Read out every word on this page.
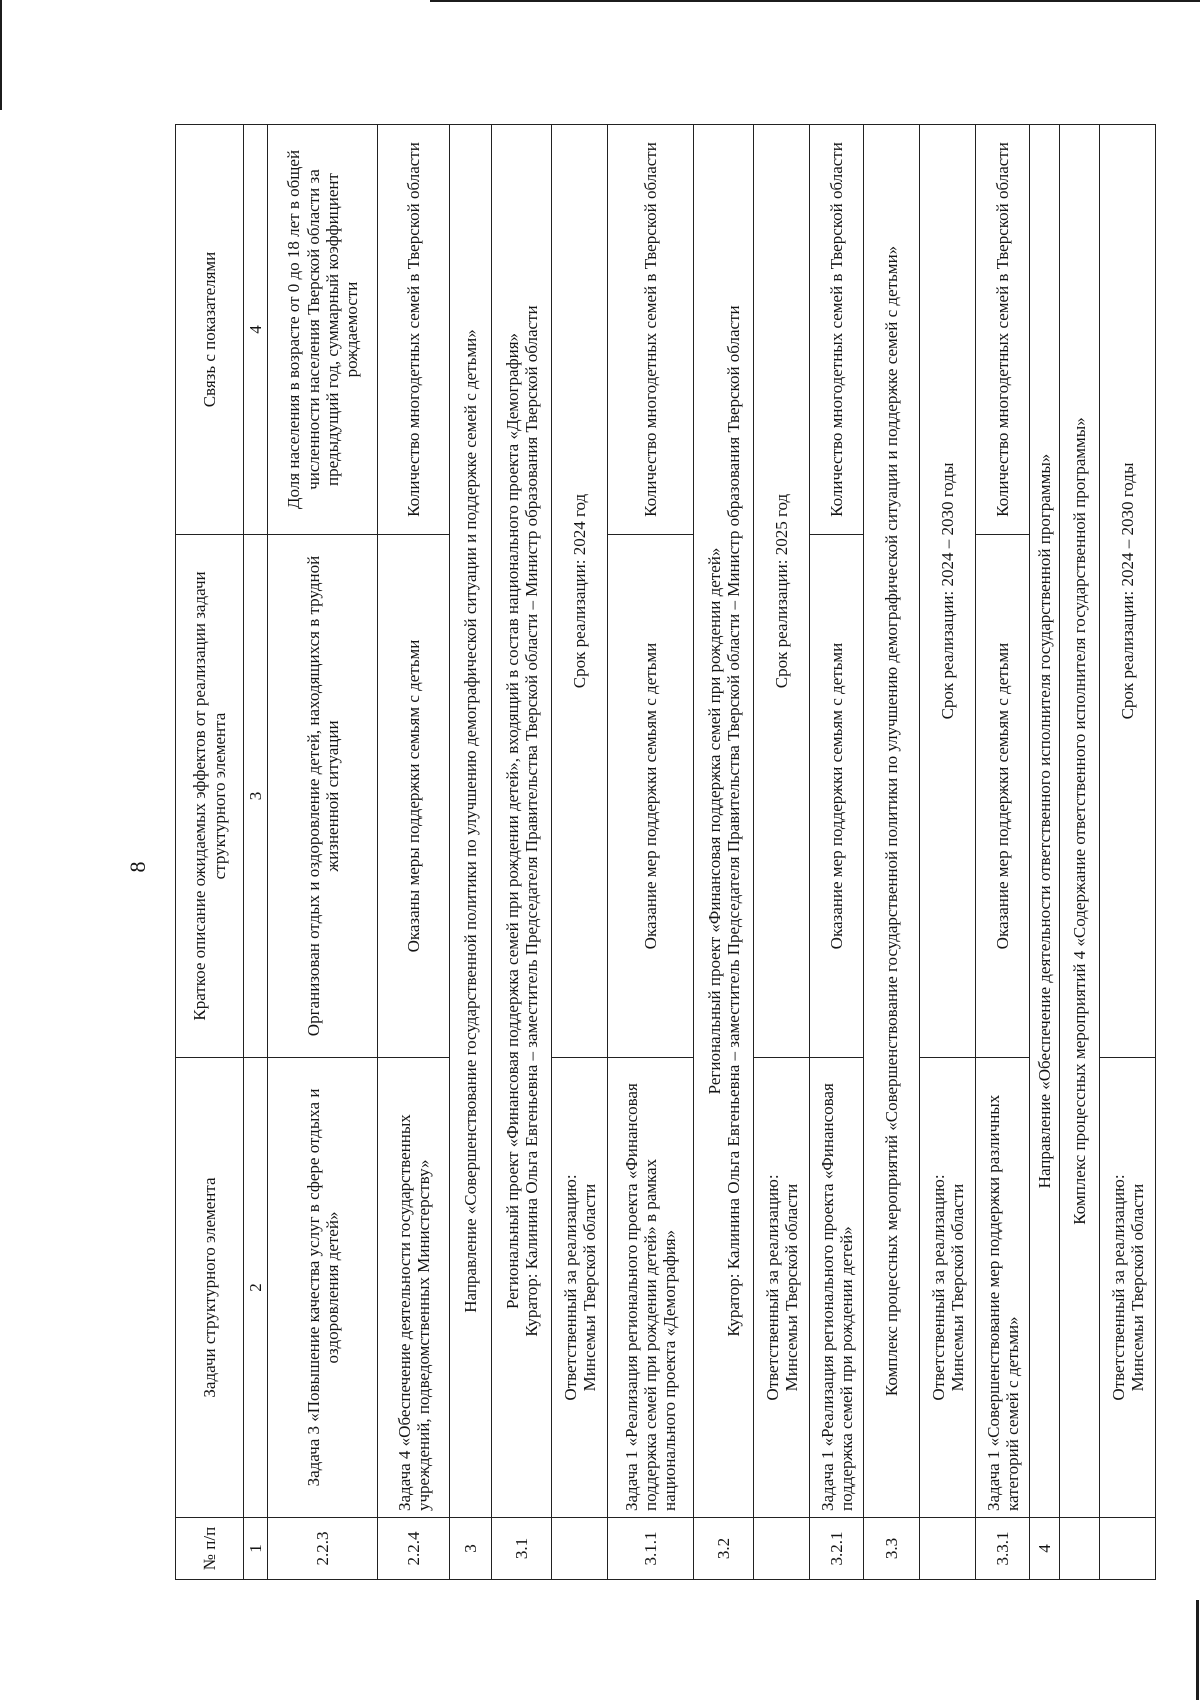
8
№ п/п	Задачи структурного элемента	Краткое описание ожидаемых эффектов от реализации задачи структурного элемента	Связь с показателями
1	2	3	4
2.2.3	Задача 3 «Повышение качества услуг в сфере отдыха и оздоровления детей»	Организован отдых и оздоровление детей, находящихся в трудной жизненной ситуации	Доля населения в возрасте от 0 до 18 лет в общей численности населения Тверской области за предыдущий год, суммарный коэффициент рождаемости
2.2.4	Задача 4 «Обеспечение деятельности государственных учреждений, подведомственных Министерству»	Оказаны меры поддержки семьям с детьми	Количество многодетных семей в Тверской области
3	Направление «Совершенствование государственной политики по улучшению демографической ситуации и поддержке семей с детьми»		
3.1	Региональный проект «Финансовая поддержка семей при рождении детей», входящий в состав национального проекта «Демография» Куратор: Калинина Ольга Евгеньевна – заместитель Председателя Правительства Тверской области – Министр образования Тверской области		

	Ответственный за реализацию: Минсемьи Тверской области	Срок реализации: 2024 год	
3.1.1	Задача 1 «Реализация регионального проекта «Финансовая поддержка семей при рождении детей» в рамках национального проекта «Демография»	Оказание мер поддержки семьям с детьми	Количество многодетных семей в Тверской области
3.2	Региональный проект «Финансовая поддержка семей при рождении детей» Куратор: Калинина Ольга Евгеньевна – заместитель Председателя Правительства Тверской области – Министр образования Тверской области		

	Ответственный за реализацию: Минсемьи Тверской области	Срок реализации: 2025 год	
3.2.1	Задача 1 «Реализация регионального проекта «Финансовая поддержка семей при рождении детей»	Оказание мер поддержки семьям с детьми	Количество многодетных семей в Тверской области
3.3	Комплекс процессных мероприятий «Совершенствование государственной политики по улучшению демографической ситуации и поддержке семей с детьми»		

	Ответственный за реализацию: Минсемьи Тверской области	Срок реализации: 2024 – 2030 годы	
3.3.1	Задача 1 «Совершенствование мер поддержки различных категорий семей с детьми»	Оказание мер поддержки семьям с детьми	Количество многодетных семей в Тверской области
4	Направление «Обеспечение деятельности ответственного исполнителя государственной программы»		
	Комплекс процессных мероприятий 4 «Содержание ответственного исполнителя государственной программы»		

	Ответственный за реализацию: Минсемьи Тверской области	Срок реализации: 2024 – 2030 годы	
